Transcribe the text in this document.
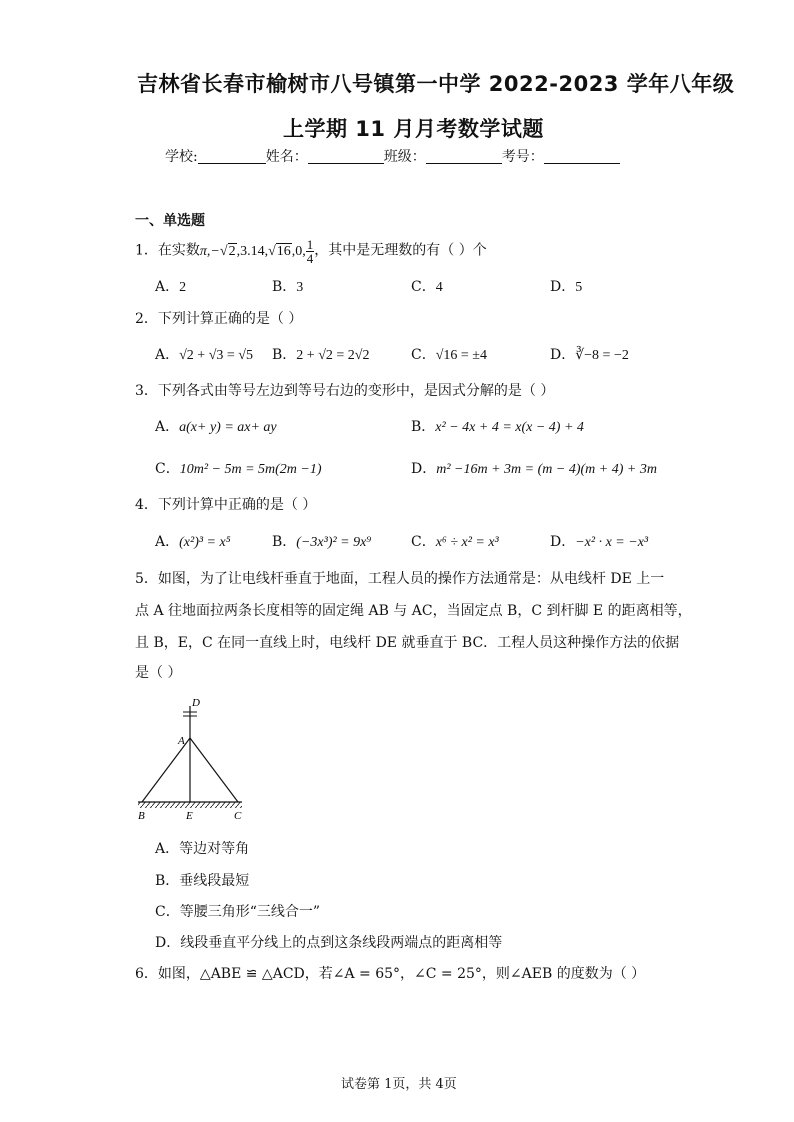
吉林省长春市榆树市八号镇第一中学 2022-2023 学年八年级
上学期 11 月月考数学试题
学校:	姓名：	班级：	考号：
一、单选题
1．在实数π,−√2,3.14,√16,0, $\frac{1}{4}$ ，其中是无理数的有（ ）个
A．2	B．3	C．4	D．5
2．下列计算正确的是（ ）
A．√2 + √3 = √5 B．2 + √2 = 2√2	C．√16 = ±4	D．∛−8 = −2
3．下列各式由等号左边到等号右边的变形中，是因式分解的是（ ）
A．a(x+ y) = ax+ ay	B．x² − 4x + 4 = x(x − 4) + 4
C．10m² − 5m = 5m(2m −1)	D．m² −16m + 3m = (m − 4)(m + 4) + 3m
4．下列计算中正确的是（ ）
A．(x²)³ = x⁵	B．(−3x³)² = 9x⁹	C．x⁶ ÷ x² = x³	D．−x² · x = −x³
5．如图，为了让电线杆垂直于地面，工程人员的操作方法通常是：从电线杆 DE 上一
点 A 往地面拉两条长度相等的固定绳 AB 与 AC，当固定点 B，C 到杆脚 E 的距离相等，
且 B，E，C 在同一直线上时，电线杆 DE 就垂直于 BC．工程人员这种操作方法的依据
是（ ）
D
A
B	E	C
A．等边对等角
B．垂线段最短
C．等腰三角形“三线合一”
D．线段垂直平分线上的点到这条线段两端点的距离相等
6．如图，△ABE ≌ △ACD，若∠A = 65°，∠C = 25°，则∠AEB 的度数为（ ）
试卷第 1页，共 4页
